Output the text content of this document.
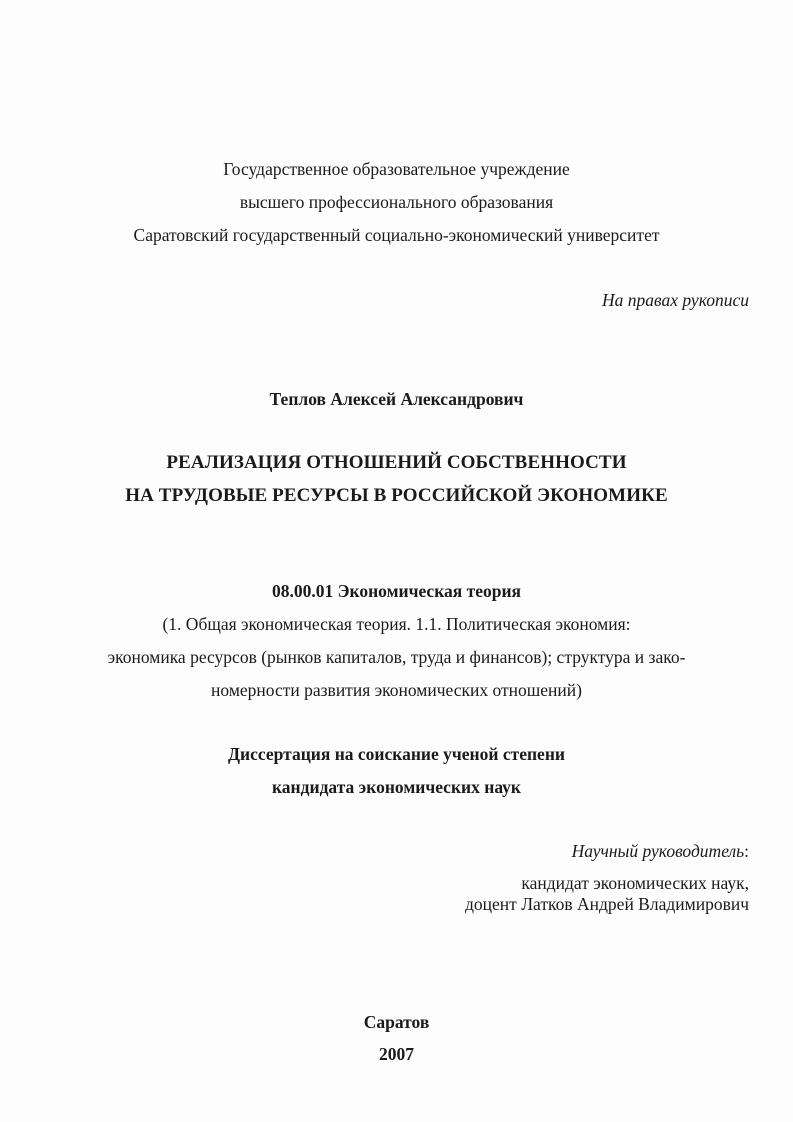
Государственное образовательное учреждение
высшего профессионального образования
Саратовский государственный социально-экономический университет
На правах рукописи
Теплов Алексей Александрович
РЕАЛИЗАЦИЯ ОТНОШЕНИЙ СОБСТВЕННОСТИ
НА ТРУДОВЫЕ РЕСУРСЫ В РОССИЙСКОЙ ЭКОНОМИКЕ
08.00.01 Экономическая теория
(1. Общая экономическая теория. 1.1. Политическая экономия:
экономика ресурсов (рынков капиталов, труда и финансов); структура и зако-
номерности развития экономических отношений)
Диссертация на соискание ученой степени
кандидата экономических наук
Научный руководитель:
кандидат экономических наук,
доцент Латков Андрей Владимирович
Саратов
2007
